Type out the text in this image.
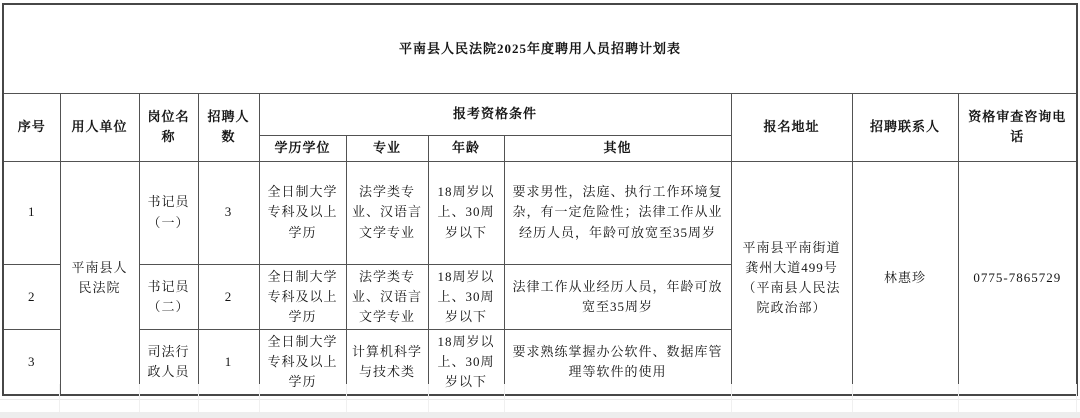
平南县人民法院2025年度聘用人员招聘计划表										
序号	用人单位	岗位名称	招聘人数	报考资格条件				报名地址	招聘联系人	资格审查咨询电话
				学历学位	专业	年龄	其他			
1	平南县人民法院	书记员（一）	3	全日制大学专科及以上学历	法学类专业、汉语言文学专业	18周岁以上、30周岁以下	要求男性，法庭、执行工作环境复杂，有一定危险性；法律工作从业经历人员，年龄可放宽至35周岁	平南县平南街道龚州大道499号（平南县人民法院政治部）	林惠珍	0775-7865729
2		书记员（二）	2	全日制大学专科及以上学历	法学类专业、汉语言文学专业	18周岁以上、30周岁以下	法律工作从业经历人员，年龄可放宽至35周岁			
3		司法行政人员	1	全日制大学专科及以上学历	计算机科学与技术类	18周岁以上、30周岁以下	要求熟练掌握办公软件、数据库管理等软件的使用			
